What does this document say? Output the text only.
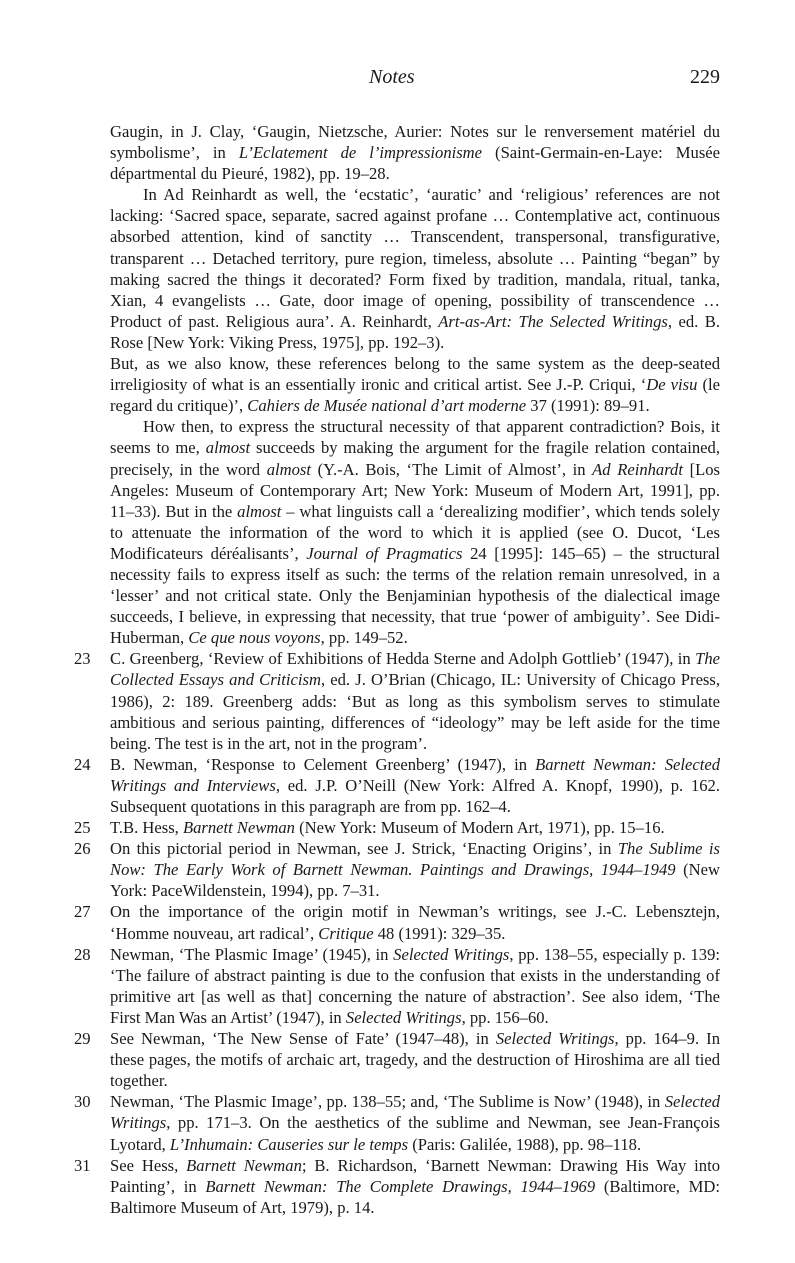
Notes	229

Gaugin, in J. Clay, ‘Gaugin, Nietzsche, Aurier: Notes sur le renversement matériel du symbolisme’, in L’Eclatement de l’impressionisme (Saint-Germain-en-Laye: Musée départmental du Pieuré, 1982), pp. 19–28.

In Ad Reinhardt as well, the ‘ecstatic’, ‘auratic’ and ‘religious’ references are not lacking: ‘Sacred space, separate, sacred against profane … Contemplative act, continuous absorbed attention, kind of sanctity … Transcendent, transpersonal, transfigurative, transparent … Detached territory, pure region, timeless, absolute … Painting “began” by making sacred the things it decorated? Form fixed by tradition, mandala, ritual, tanka, Xian, 4 evangelists … Gate, door image of opening, possibility of transcendence … Product of past. Religious aura’. A. Reinhardt, Art-as-Art: The Selected Writings, ed. B. Rose [New York: Viking Press, 1975], pp. 192–3).

But, as we also know, these references belong to the same system as the deep-seated irreligiosity of what is an essentially ironic and critical artist. See J.-P. Criqui, ‘De visu (le regard du critique)’, Cahiers de Musée national d’art moderne 37 (1991): 89–91.

How then, to express the structural necessity of that apparent contradiction? Bois, it seems to me, almost succeeds by making the argument for the fragile relation contained, precisely, in the word almost (Y.-A. Bois, ‘The Limit of Almost’, in Ad Reinhardt [Los Angeles: Museum of Contemporary Art; New York: Museum of Modern Art, 1991], pp. 11–33). But in the almost – what linguists call a ‘derealizing modifier’, which tends solely to attenuate the information of the word to which it is applied (see O. Ducot, ‘Les Modificateurs déréalisants’, Journal of Pragmatics 24 [1995]: 145–65) – the structural necessity fails to express itself as such: the terms of the relation remain unresolved, in a ‘lesser’ and not critical state. Only the Benjaminian hypothesis of the dialectical image succeeds, I believe, in expressing that necessity, that true ‘power of ambiguity’. See Didi-Huberman, Ce que nous voyons, pp. 149–52.

23 C. Greenberg, ‘Review of Exhibitions of Hedda Sterne and Adolph Gottlieb’ (1947), in The Collected Essays and Criticism, ed. J. O’Brian (Chicago, IL: University of Chicago Press, 1986), 2: 189. Greenberg adds: ‘But as long as this symbolism serves to stimulate ambitious and serious painting, differences of “ideology” may be left aside for the time being. The test is in the art, not in the program’.
24 B. Newman, ‘Response to Celement Greenberg’ (1947), in Barnett Newman: Selected Writings and Interviews, ed. J.P. O’Neill (New York: Alfred A. Knopf, 1990), p. 162. Subsequent quotations in this paragraph are from pp. 162–4.
25 T.B. Hess, Barnett Newman (New York: Museum of Modern Art, 1971), pp. 15–16.
26 On this pictorial period in Newman, see J. Strick, ‘Enacting Origins’, in The Sublime is Now: The Early Work of Barnett Newman. Paintings and Drawings, 1944–1949 (New York: PaceWildenstein, 1994), pp. 7–31.
27 On the importance of the origin motif in Newman’s writings, see J.-C. Lebensztejn, ‘Homme nouveau, art radical’, Critique 48 (1991): 329–35.
28 Newman, ‘The Plasmic Image’ (1945), in Selected Writings, pp. 138–55, especially p. 139: ‘The failure of abstract painting is due to the confusion that exists in the understanding of primitive art [as well as that] concerning the nature of abstraction’. See also idem, ‘The First Man Was an Artist’ (1947), in Selected Writings, pp. 156–60.
29 See Newman, ‘The New Sense of Fate’ (1947–48), in Selected Writings, pp. 164–9. In these pages, the motifs of archaic art, tragedy, and the destruction of Hiroshima are all tied together.
30 Newman, ‘The Plasmic Image’, pp. 138–55; and, ‘The Sublime is Now’ (1948), in Selected Writings, pp. 171–3. On the aesthetics of the sublime and Newman, see Jean-François Lyotard, L’Inhumain: Causeries sur le temps (Paris: Galilée, 1988), pp. 98–118.
31 See Hess, Barnett Newman; B. Richardson, ‘Barnett Newman: Drawing His Way into Painting’, in Barnett Newman: The Complete Drawings, 1944–1969 (Baltimore, MD: Baltimore Museum of Art, 1979), p. 14.
